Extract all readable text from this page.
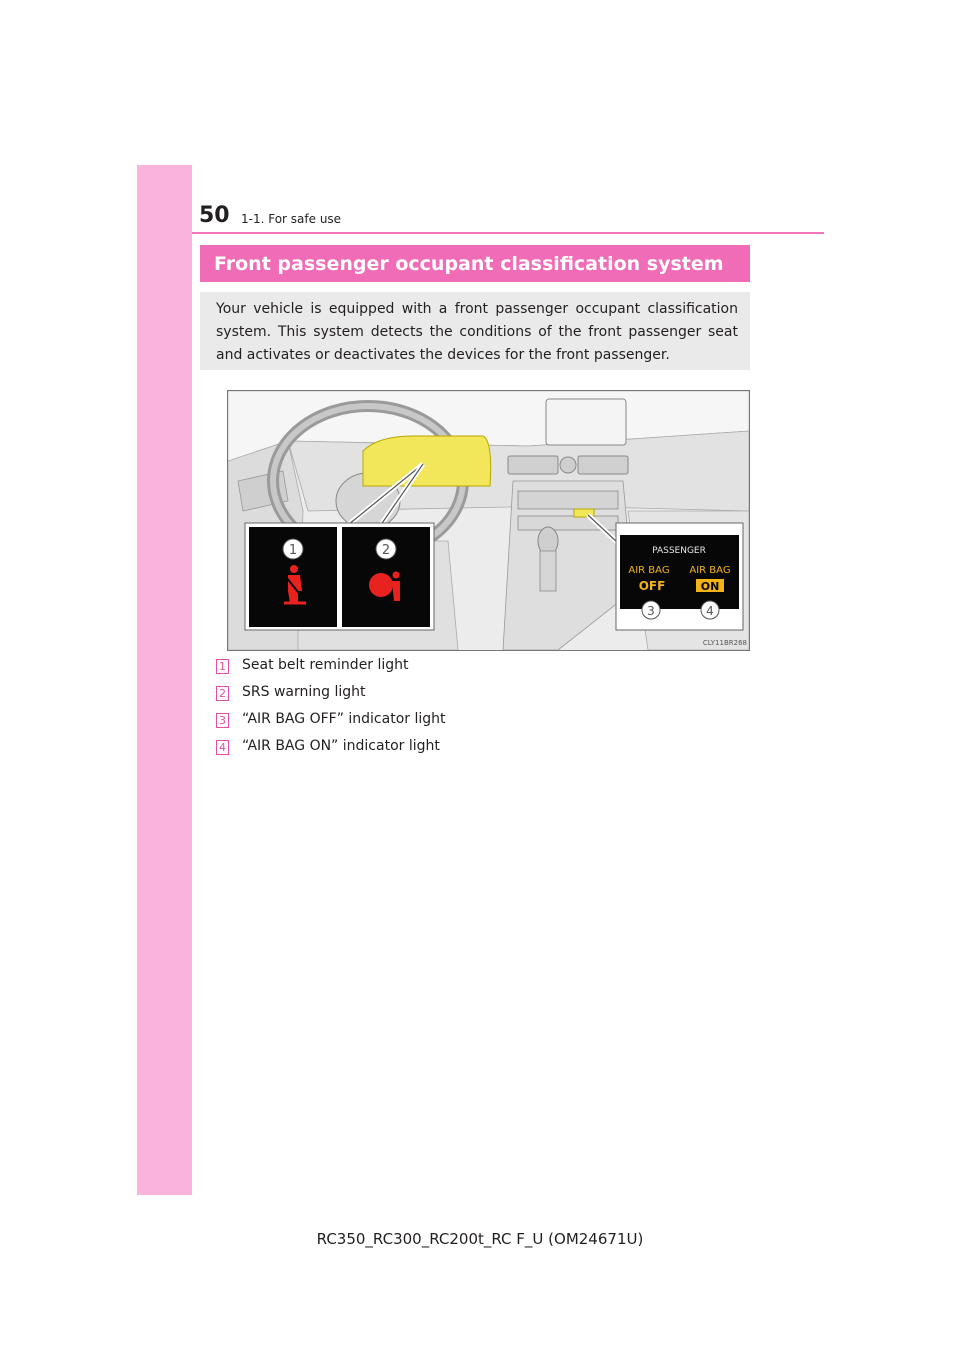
50 1-1. For safe use
Front passenger occupant classification system
Your vehicle is equipped with a front passenger occupant classification system. This system detects the conditions of the front passenger seat and activates or deactivates the devices for the front passenger.
1	2	PASSENGER
AIR BAG
OFF
AIR BAG
ON
3	4
CLY11BR268
1 Seat belt reminder light
2 SRS warning light
3 “AIR BAG OFF” indicator light
4 “AIR BAG ON” indicator light
RC350_RC300_RC200t_RC F_U (OM24671U)
